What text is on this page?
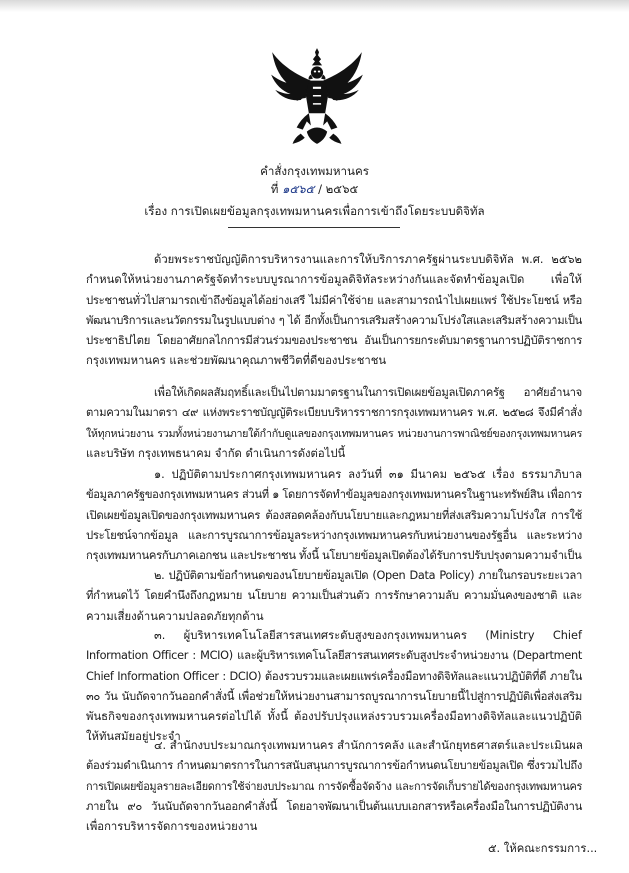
คำสั่งกรุงเทพมหานคร
ที่ ๑๕๖๕ / ๒๕๖๕
เรื่อง การเปิดเผยข้อมูลกรุงเทพมหานครเพื่อการเข้าถึงโดยระบบดิจิทัล
ด้วยพระราชบัญญัติการบริหารงานและการให้บริการภาครัฐผ่านระบบดิจิทัล พ.ศ. ๒๕๖๒
กำหนดให้หน่วยงานภาครัฐจัดทำระบบบูรณาการข้อมูลดิจิทัลระหว่างกันและจัดทำข้อมูลเปิด เพื่อให้
ประชาชนทั่วไปสามารถเข้าถึงข้อมูลได้อย่างเสรี ไม่มีค่าใช้จ่าย และสามารถนำไปเผยแพร่ ใช้ประโยชน์ หรือ
พัฒนาบริการและนวัตกรรมในรูปแบบต่าง ๆ ได้ อีกทั้งเป็นการเสริมสร้างความโปร่งใสและเสริมสร้างความเป็น
ประชาธิปไตย โดยอาศัยกลไกการมีส่วนร่วมของประชาชน อันเป็นการยกระดับมาตรฐานการปฏิบัติราชการ
กรุงเทพมหานคร และช่วยพัฒนาคุณภาพชีวิตที่ดีของประชาชน
เพื่อให้เกิดผลสัมฤทธิ์และเป็นไปตามมาตรฐานในการเปิดเผยข้อมูลเปิดภาครัฐ อาศัยอำนาจ
ตามความในมาตรา ๔๙ แห่งพระราชบัญญัติระเบียบบริหารราชการกรุงเทพมหานคร พ.ศ. ๒๕๒๘ จึงมีคำสั่ง
ให้ทุกหน่วยงาน รวมทั้งหน่วยงานภายใต้กำกับดูแลของกรุงเทพมหานคร หน่วยงานการพาณิชย์ของกรุงเทพมหานคร
และบริษัท กรุงเทพธนาคม จำกัด ดำเนินการดังต่อไปนี้
๑. ปฏิบัติตามประกาศกรุงเทพมหานคร ลงวันที่ ๓๑ มีนาคม ๒๕๖๕ เรื่อง ธรรมาภิบาล
ข้อมูลภาครัฐของกรุงเทพมหานคร ส่วนที่ ๑ โดยการจัดทำข้อมูลของกรุงเทพมหานครในฐานะทรัพย์สิน เพื่อการ
เปิดเผยข้อมูลเปิดของกรุงเทพมหานคร ต้องสอดคล้องกับนโยบายและกฎหมายที่ส่งเสริมความโปร่งใส การใช้
ประโยชน์จากข้อมูล และการบูรณาการข้อมูลระหว่างกรุงเทพมหานครกับหน่วยงานของรัฐอื่น และระหว่าง
กรุงเทพมหานครกับภาคเอกชน และประชาชน ทั้งนี้ นโยบายข้อมูลเปิดต้องได้รับการปรับปรุงตามความจำเป็น
๒. ปฏิบัติตามข้อกำหนดของนโยบายข้อมูลเปิด (Open Data Policy) ภายในกรอบระยะเวลา
ที่กำหนดไว้ โดยคำนึงถึงกฎหมาย นโยบาย ความเป็นส่วนตัว การรักษาความลับ ความมั่นคงของชาติ และ
ความเสี่ยงด้านความปลอดภัยทุกด้าน
๓. ผู้บริหารเทคโนโลยีสารสนเทศระดับสูงของกรุงเทพมหานคร (Ministry Chief
Information Officer : MCIO) และผู้บริหารเทคโนโลยีสารสนเทศระดับสูงประจำหน่วยงาน (Department
Chief Information Officer : DCIO) ต้องรวบรวมและเผยแพร่เครื่องมือทางดิจิทัลและแนวปฏิบัติที่ดี ภายใน
๓๐ วัน นับถัดจากวันออกคำสั่งนี้ เพื่อช่วยให้หน่วยงานสามารถบูรณาการนโยบายนี้ไปสู่การปฏิบัติเพื่อส่งเสริม
พันธกิจของกรุงเทพมหานครต่อไปได้ ทั้งนี้ ต้องปรับปรุงแหล่งรวบรวมเครื่องมือทางดิจิทัลและแนวปฏิบัติ
ให้ทันสมัยอยู่ประจำ
๔. สำนักงบประมาณกรุงเทพมหานคร สำนักการคลัง และสำนักยุทธศาสตร์และประเมินผล
ต้องร่วมดำเนินการ กำหนดมาตรการในการสนับสนุนการบูรณาการข้อกำหนดนโยบายข้อมูลเปิด ซึ่งรวมไปถึง
การเปิดเผยข้อมูลรายละเอียดการใช้จ่ายงบประมาณ การจัดซื้อจัดจ้าง และการจัดเก็บรายได้ของกรุงเทพมหานคร
ภายใน ๙๐ วันนับถัดจากวันออกคำสั่งนี้ โดยอาจพัฒนาเป็นต้นแบบเอกสารหรือเครื่องมือในการปฏิบัติงาน
เพื่อการบริหารจัดการของหน่วยงาน
๕. ให้คณะกรรมการ...
